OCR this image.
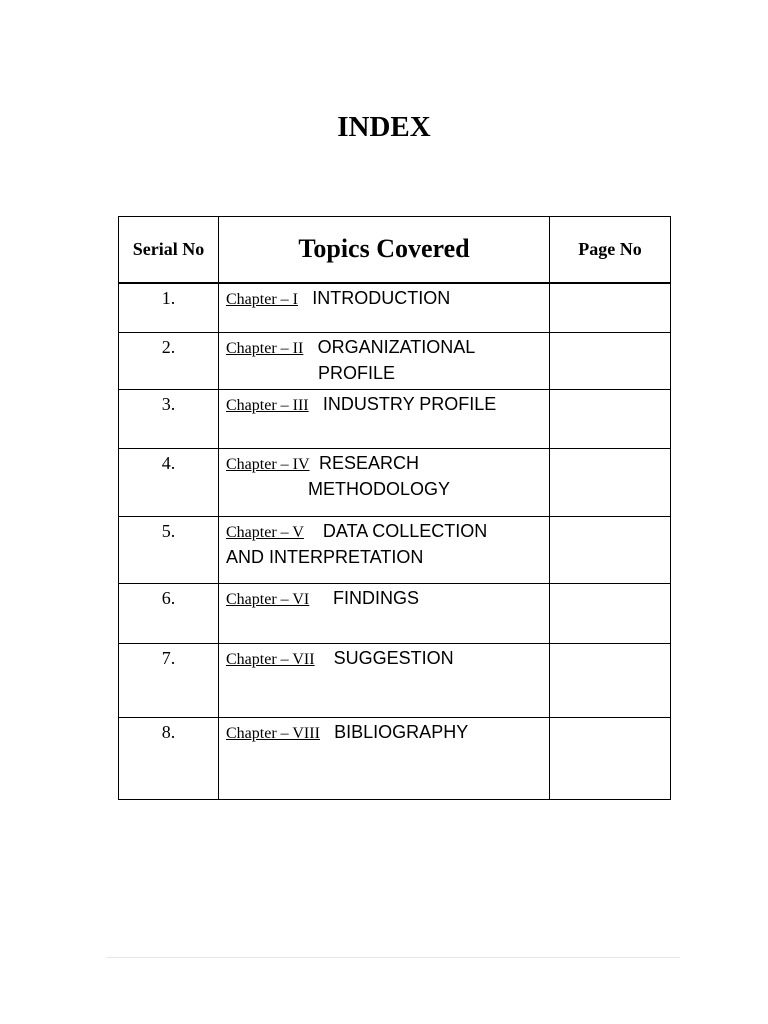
INDEX
Serial No	Topics Covered	Page No
1.	Chapter – I INTRODUCTION	
2.	Chapter – II ORGANIZATIONAL
PROFILE	

3.	Chapter – III INDUSTRY PROFILE	
4.	Chapter – IV RESEARCH
METHODOLOGY	

5.	Chapter – V DATA COLLECTION
AND INTERPRETATION	

6.	Chapter – VI FINDINGS	
7.	Chapter – VII SUGGESTION	
8.	Chapter – VIII BIBLIOGRAPHY	
